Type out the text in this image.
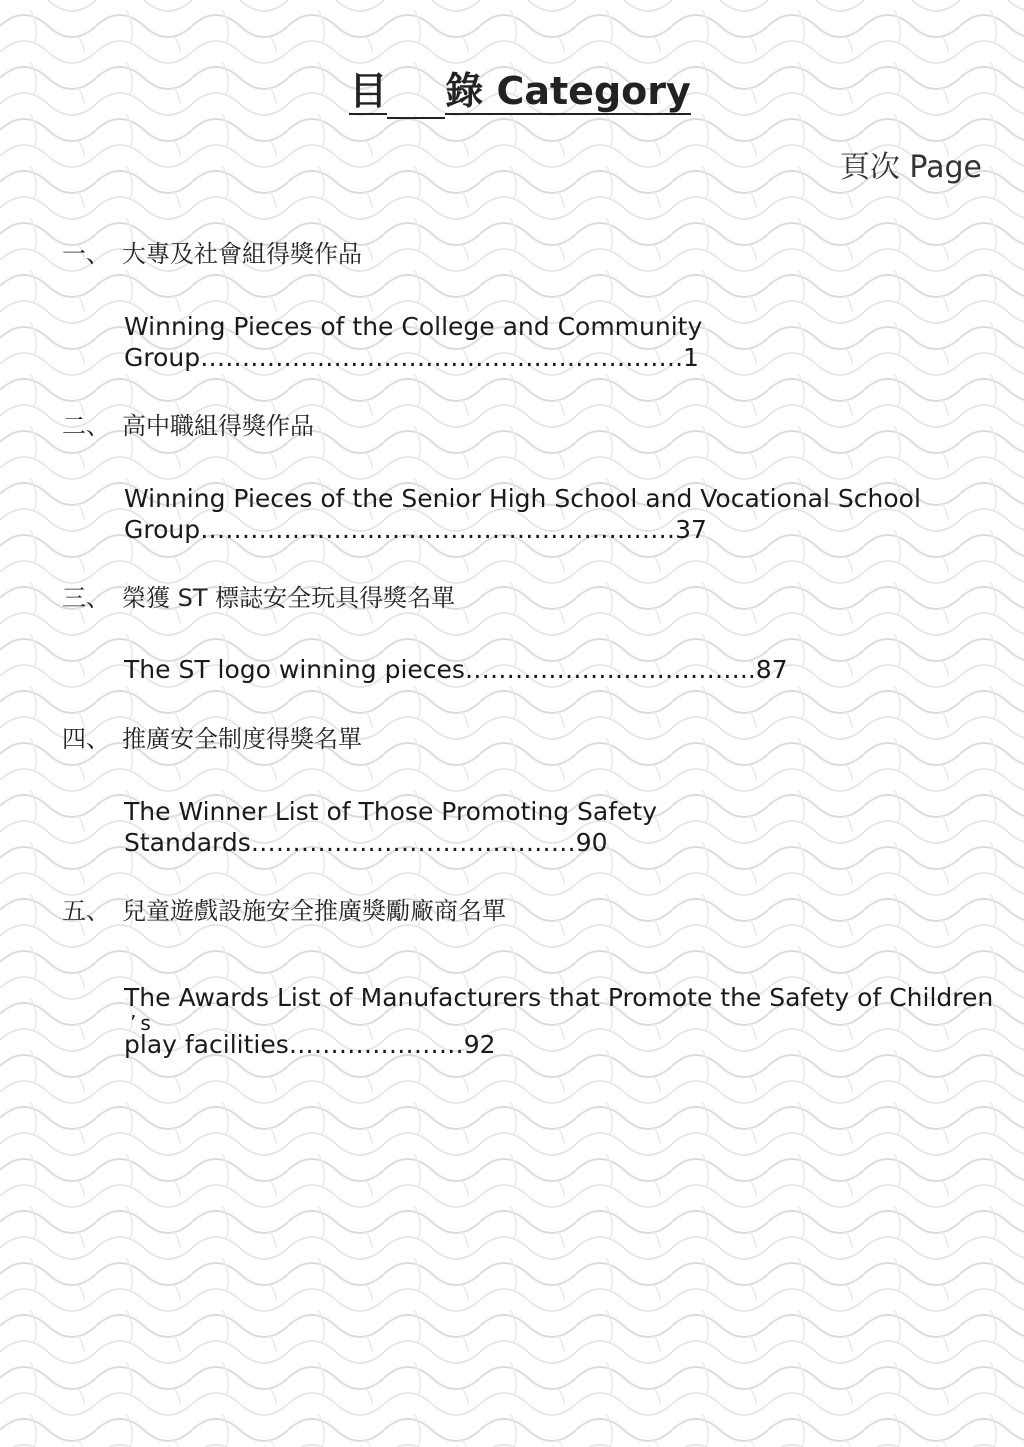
目 錄 Category
頁次 Page
一、 大專及社會組得獎作品
Winning Pieces of the College and Community
Group………………………………………………….1
二、 高中職組得獎作品
Winning Pieces of the Senior High School and Vocational School
Group…………………………………………………37
三、 榮獲 ST 標誌安全玩具得獎名單
The ST logo winning pieces……………………………..87
四、 推廣安全制度得獎名單
The Winner List of Those Promoting Safety
Standards…………………………………90
五、 兒童遊戲設施安全推廣獎勵廠商名單
The Awards List of Manufacturers that Promote the Safety of Children
play facilities…………………92
’s
